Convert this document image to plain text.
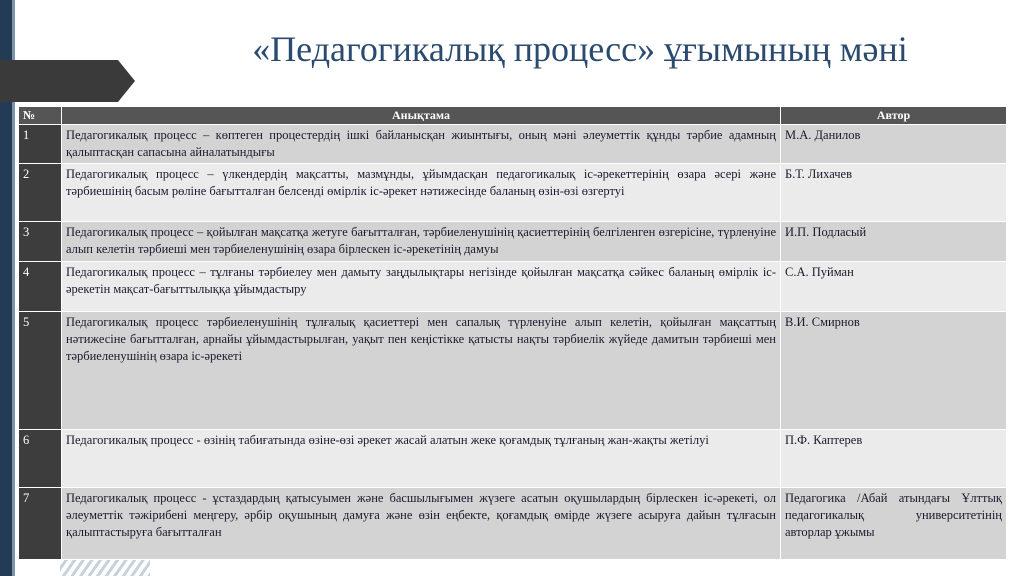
«Педагогикалық процесс» ұғымының мәні
№	Анықтама	Автор
1	Педагогикалық процесс – көптеген процестердің ішкі байланысқан жиынтығы, оның мәні әлеуметтік құнды тәрбие адамның қалыптасқан сапасына айналатындығы	М.А. Данилов
2	Педагогикалық процесс – үлкендердің мақсатты, мазмұнды, ұйымдасқан педагогикалық іс-әрекеттерінің өзара әсері және тәрбиешінің басым рөліне бағытталған белсенді өмірлік іс-әрекет нәтижесінде баланың өзін-өзі өзгертуі	Б.Т. Лихачев
3	Педагогикалық процесс – қойылған мақсатқа жетуге бағытталған, тәрбиеленушінің қасиеттерінің белгіленген өзгерісіне, түрленуіне алып келетін тәрбиеші мен тәрбиеленушінің өзара бірлескен іс-әрекетінің дамуы	И.П. Подласый
4	Педагогикалық процесс – тұлғаны тәрбиелеу мен дамыту заңдылықтары негізінде қойылған мақсатқа сәйкес баланың өмірлік іс-әрекетін мақсат-бағыттылыққа ұйымдастыру	С.А. Пуйман
5	Педагогикалық процесс тәрбиеленушінің тұлғалық қасиеттері мен сапалық түрленуіне алып келетін, қойылған мақсаттың нәтижесіне бағытталған, арнайы ұйымдастырылған, уақыт пен кеңістікке қатысты нақты тәрбиелік жүйеде дамитын тәрбиеші мен тәрбиеленушінің өзара іс-әрекеті	В.И. Смирнов
6	Педагогикалық процесс - өзінің табиғатында өзіне-өзі әрекет жасай алатын жеке қоғамдық тұлғаның жан-жақты жетілуі	П.Ф. Каптерев
7	Педагогикалық процесс - ұстаздардың қатысуымен және басшылығымен жүзеге асатын оқушылардың бірлескен іс-әрекеті, ол әлеуметтік тәжірибені меңгеру, әрбір оқушының дамуға және өзін еңбекте, қоғамдық өмірде жүзеге асыруға дайын тұлғасын қалыптастыруға бағытталған	Педагогика /Абай атындағы Ұлттық педагогикалық университетінің авторлар ұжымы
